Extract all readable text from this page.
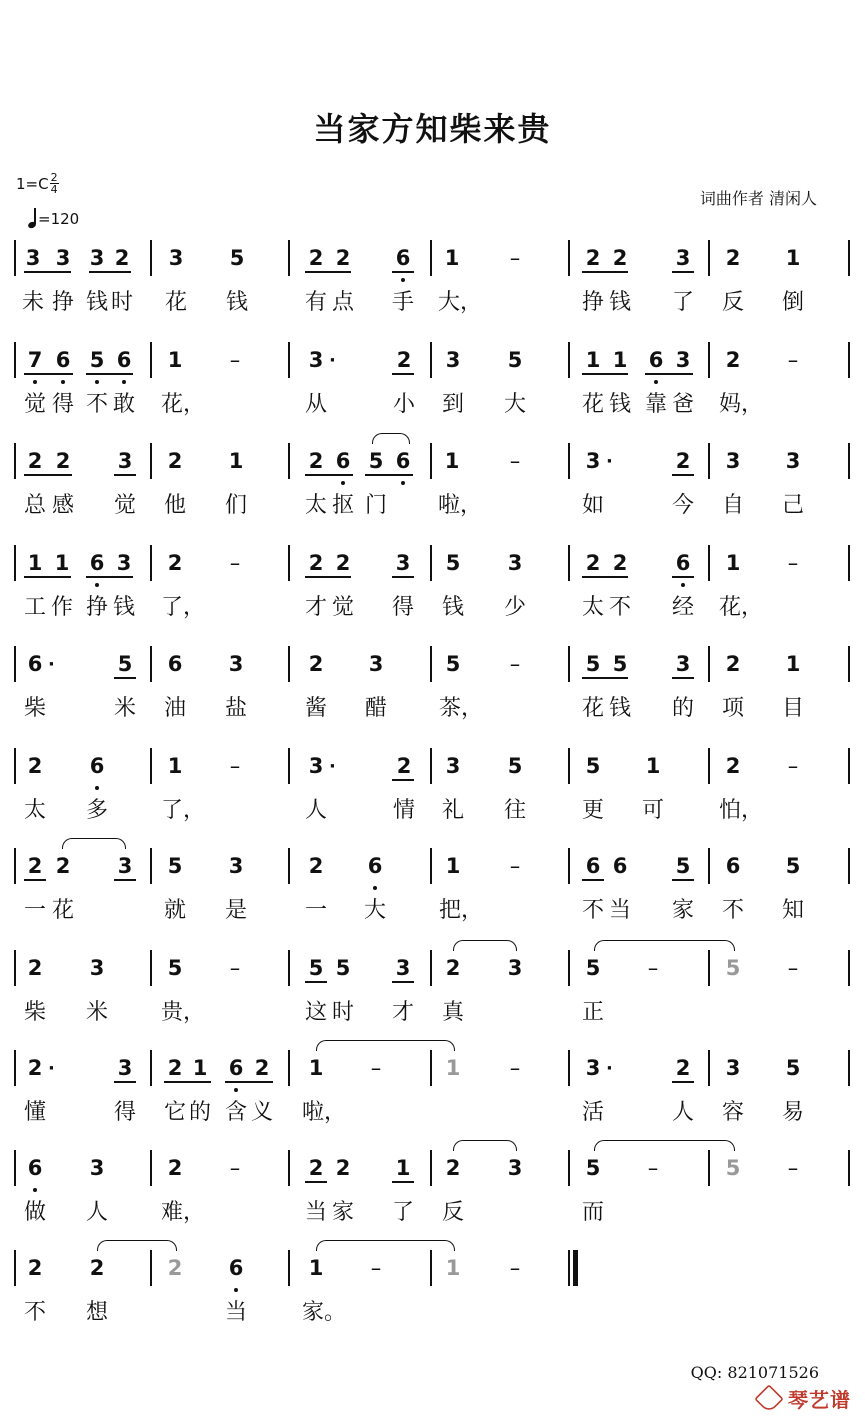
当家方知柴来贵
$1=C \frac{2}{4}$
=120
词曲作者 清闲人
3 3 3 2 3 5	2 2 6 1	–	2 2 3 2 1
未 挣 钱 时 花 钱	有 点 手 大，	挣 钱 了 反 倒
7 6 5 6 1	–	3	2 3 5	1 1 6 3 2	–
·
觉 得 不 敢 花，	从	小 到 大	花 钱 靠 爸 妈，
2 2 3 2 1	2 6 5 6 1	–	3	2 3 3
·
总 感 觉 他 们	太 抠 门 啦，	如	今 自 己
1 1 6 3 2	–	2 2 3 5 3	2 2 6 1	–
工 作 挣 钱 了，	才 觉 得 钱 少	太 不 经 花，
6	5 6 3	2 3	5	–	5 5 3 2 1
·
柴	米 油 盐	酱 醋 茶，	花 钱 的 项 目
2 6	1	–	3	2 3 5	5 1	2	–
·
太 多 了，	人	情 礼 往	更 可	怕，
2 2 3 5 3	2 6	1	–	6 6 5 6 5
一 花	就 是	一 大 把，	不 当 家 不 知
2 3	5	–	5 5 3 2 3	5	–	5	–
柴 米 贵，	这 时 才 真	正
2	3 2 1 6 2 1	–	1	–	3	2 3 5
·	·
懂	得 它 的 含 义 啦，	活	人 容 易
6 3	2	–	2 2 1 2 3	5	–	5	–
做 人 难，	当 家 了 反	而
2 2	2 6	1	–	1	–
不 想	当	家。
QQ: 821071526
琴艺谱
